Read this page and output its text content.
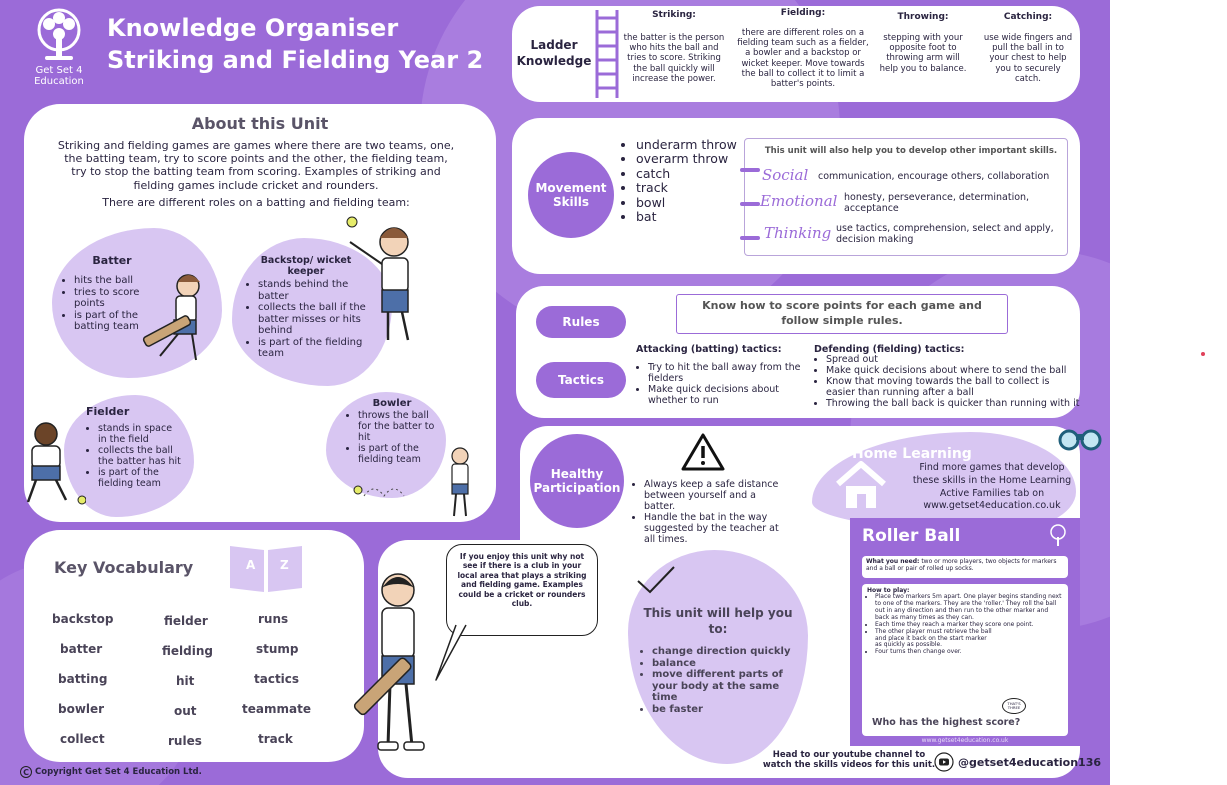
Get Set 4 Education
Knowledge Organiser
Striking and Fielding Year 2
Ladder Knowledge
Striking:
the batter is the person who hits the ball and tries to score. Striking the ball quickly will increase the power.
Fielding:
there are different roles on a fielding team such as a fielder, a bowler and a backstop or wicket keeper. Move towards the ball to collect it to limit a batter's points.
Throwing:
stepping with your opposite foot to throwing arm will help you to balance.
Catching:
use wide fingers and pull the ball in to your chest to help you to securely catch.
About this Unit
Striking and fielding games are games where there are two teams, one, the batting team, try to score points and the other, the fielding team, try to stop the batting team from scoring. Examples of striking and fielding games include cricket and rounders.
There are different roles on a batting and fielding team:
Batter
• hits the ball
• tries to score points
• is part of the batting team
Backstop/ wicket keeper
• stands behind the batter
• collects the ball if the batter misses or hits behind
• is part of the fielding team
Fielder
• stands in space in the field
• collects the ball the batter has hit
• is part of the fielding team
Bowler
• throws the ball for the batter to hit
• is part of the fielding team
Movement Skills
• underarm throw
• overarm throw
• catch
• track
• bowl
• bat
This unit will also help you to develop other important skills.
Social communication, encourage others, collaboration
Emotional honesty, perseverance, determination, acceptance
Thinking use tactics, comprehension, select and apply, decision making
Rules
Tactics
Know how to score points for each game and follow simple rules.
Attacking (batting) tactics:
• Try to hit the ball away from the fielders
• Make quick decisions about whether to run
Defending (fielding) tactics:
• Spread out
• Make quick decisions about where to send the ball
• Know that moving towards the ball to collect is easier than running after a ball
• Throwing the ball back is quicker than running with it
Healthy Participation
•	Always keep a safe distance between yourself and a batter.
• Handle the bat in the way suggested by the teacher at all times.
This unit will help you to:
• change direction quickly
• balance
• move different parts of your body at the same time
• be faster
Home Learning
Find more games that develop these skills in the Home Learning Active Families tab on www.getset4education.co.uk
Roller Ball
What you need: two or more players, two objects for markers and a ball or pair of rolled up socks.
How to play:
• Place two markers 5m apart. One player begins standing next to one of the markers. They are the 'roller.' They roll the ball out in any direction and then run to the other marker and back as many times as they can.
• Each time they reach a marker they score one point.
• The other player must retrieve the ball and place it back on the start marker as quickly as possible.
• Four turns then change over.
THAT'S THREE
Who has the highest score?
www.getset4education.co.uk
Head to our youtube channel to watch the skills videos for this unit. @getset4education136
Key Vocabulary	A Z
backstop
batter
batting
bowler
collect
fielder
fielding
hit
out
rules
runs
stump
tactics
teammate
track
If you enjoy this unit why not see if there is a club in your local area that plays a striking and fielding game. Examples could be a cricket or rounders club.
C Copyright Get Set 4 Education Ltd.
